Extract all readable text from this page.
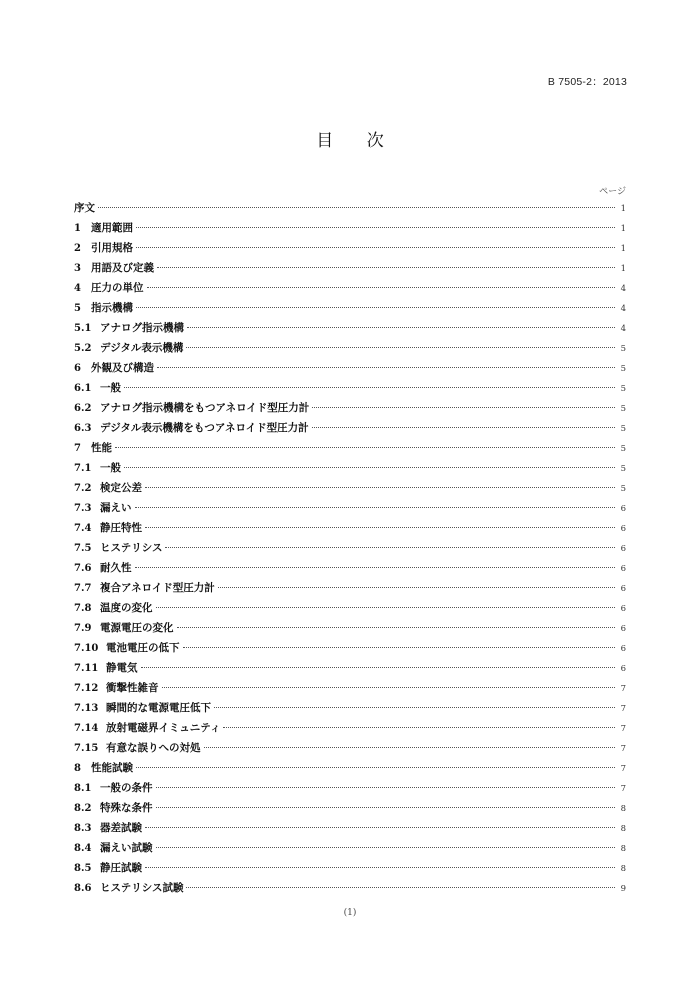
B 7505-2：2013
目 次
ページ
序文	1
1 適用範囲	1
2 引用規格	1
3 用語及び定義	1
4 圧力の単位	4
5 指示機構	4
5.1 アナログ指示機構	4
5.2 デジタル表示機構	5
6 外観及び構造	5
6.1 一般	5
6.2 アナログ指示機構をもつアネロイド型圧力計	5
6.3 デジタル表示機構をもつアネロイド型圧力計	5
7 性能	5
7.1 一般	5
7.2 検定公差	5
7.3 漏えい	6
7.4 静圧特性	6
7.5 ヒステリシス	6
7.6 耐久性	6
7.7 複合アネロイド型圧力計	6
7.8 温度の変化	6
7.9 電源電圧の変化	6
7.10 電池電圧の低下	6
7.11 静電気	6
7.12 衝撃性雑音	7
7.13 瞬間的な電源電圧低下	7
7.14 放射電磁界イミュニティ	7
7.15 有意な誤りへの対処	7
8 性能試験	7
8.1 一般の条件	7
8.2 特殊な条件	8
8.3 器差試験	8
8.4 漏えい試験	8
8.5 静圧試験	8
8.6 ヒステリシス試験	9
(1)
